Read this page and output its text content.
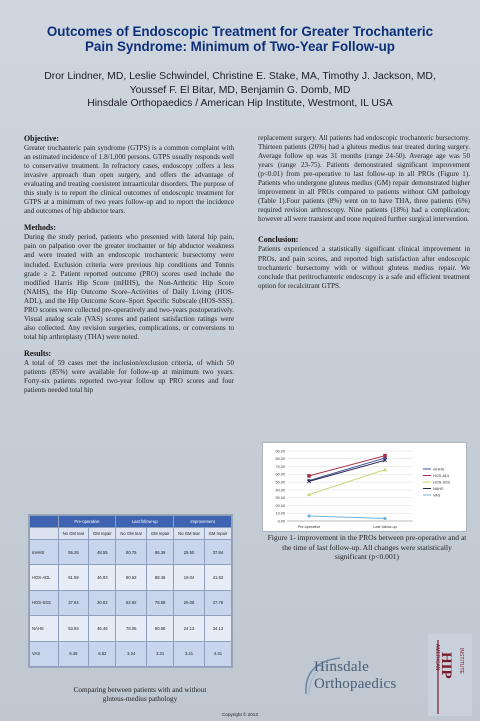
Outcomes of Endoscopic Treatment for Greater Trochanteric
Pain Syndrome: Minimum of Two-Year Follow-up
Dror Lindner, MD, Leslie Schwindel, Christine E. Stake, MA, Timothy J. Jackson, MD,
Youssef F. El Bitar, MD, Benjamin G. Domb, MD
Hinsdale Orthopaedics / American Hip Institute, Westmont, IL USA
Objective:

Greater trochanteric pain syndrome (GTPS) is a common complaint with an estimated incidence of 1.8/1,000 persons. GTPS usually responds well to conservative treatment. In refractory cases, endoscopy ;offers a less invasive approach than open surgery, and offers the advantage of evaluating and treating coexistent intraarticular disorders. The purpose of this study is to report the clinical outcomes of endoscopic treatment for GTPS at a minimum of two years follow-up and to report the incidence and outcomes of hip abductor tears.

Methods:

During the study period, patients who presented with lateral hip pain, pain on palpation over the greater trochanter or hip abductor weakness and were treated with an endoscopic trochanteric bursectomy were included. Exclusion criteria were previous hip conditions and Tonnis grade ≥ 2. Patient reported outcome (PRO) scores used include the modified Harris Hip Score (mHHS), the Non-Arthritic Hip Score (NAHS), the Hip Outcome Score–Activities of Daily Living (HOS-ADL), and the Hip Outcome Score–Sport Specific Subscale (HOS-SSS). PRO scores were collected pre-operatively and two-years postoperatively. Visual analog scale (VAS) scores and patient satisfaction ratings were also collected. Any revision surgeries, complications, or conversions to total hip arthroplasty (THA) were noted.

Results:

A total of 59 cases met the inclusion/exclusion criteria, of which 50 patients (85%) were available for follow-up at minimum two years. Forty-six patients reported two-year follow up PRO scores and four patients needed total hip

replacement surgery. All patients had endoscopic trochanteric bursectomy. Thirteen patients (26%) had a gluteus medius tear treated during surgery. Average follow up was 31 months (range 24-50). Average age was 50 years (range 23-75). Patients demonstrated significant improvement (p<0.01) from pre-operative to last follow-up in all PROs (Figure 1). Patients who undergone gluteus medius (GM) repair demonstrated higher improvement in all PROs compared to patients without GM pathology (Table 1).Four patients (8%) went on to have THA, three patients (6%) required revision arthroscopy. Nine patients (18%) had a complication; however all were transient and none required further surgical intervention.

Conclusion:

Patients experienced a statistically significant clinical improvement in PROs, and pain scores, and reported high satisfaction after endoscopic trochanteric bursectomy with or without gluteus medius repair. We conclude that peritrochanteric endoscopy is a safe and efficient treatment option for recalcitrant GTPS.

	Pre-operative		Last follow-up		Improvement	
	No GM tear	GM repair	No GM tear	GM repair	No GM tear	GM repair
mHHS	55.25	48.55	80.75	86.39	25.50	37.84
HOS-ADL	61.59	46.93	80.63	88.45	19.04	41.53
HOS-SSS	37.84	30.82	62.92	78.58	25.08	47.76
NAHS	53.93	46.46	78.05	80.58	24.13	34.13
VAS	6.45	6.62	3.24	3.31	3.21	4.31
Comparing between patients with and without
gluteus-medius pathology
0.00
10.00
20.00
30.00
40.00
50.00
60.00
70.00
80.00
90.00
Pre-operative	Last follow-up
mHHS
HOS-ADL
HOS-SSS
NAHS
VAS
Figure 1- improvement in the PROs between pre-operative and at the time of last follow-up. All changes were statistically significant (p<0.001)
Hinsdale
Orthopaedics
AMERICAN
HIP INSTITUTE
Copyright © 2013
